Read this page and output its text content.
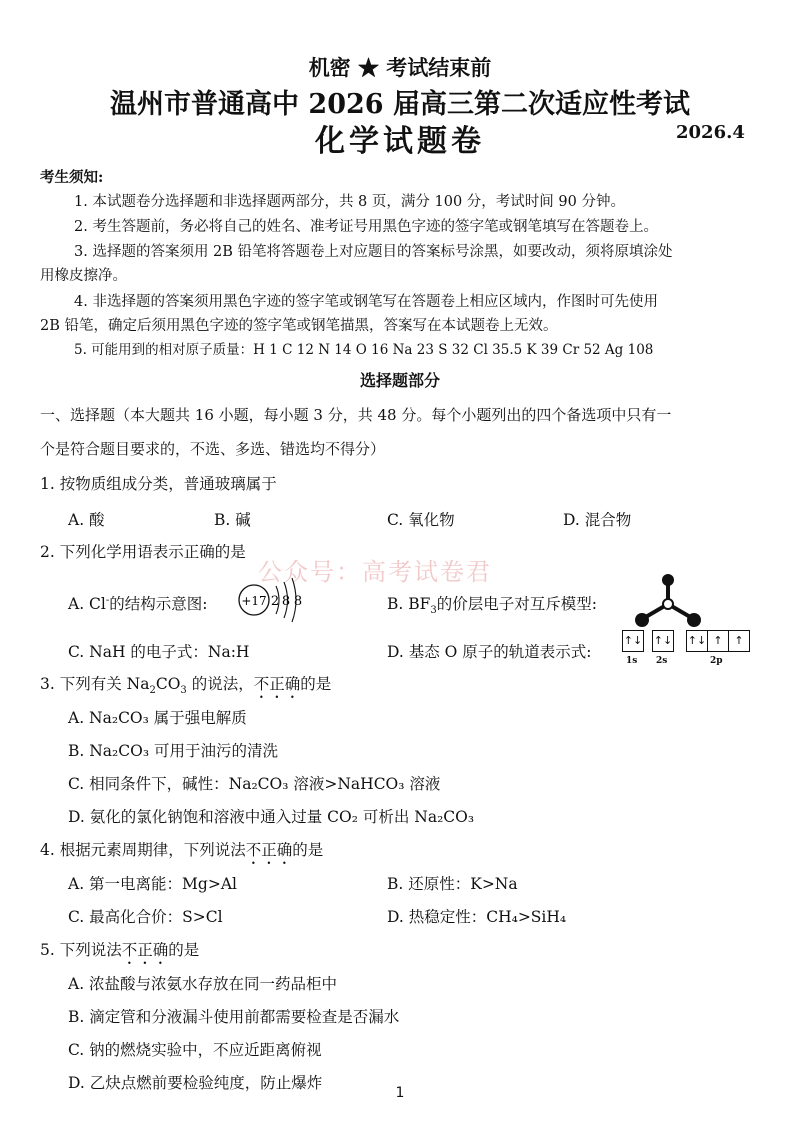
机密 ★ 考试结束前
温州市普通高中 2026 届高三第二次适应性考试
化学试题卷	2026.4
考生须知:
1. 本试题卷分选择题和非选择题两部分，共 8 页，满分 100 分，考试时间 90 分钟。
2. 考生答题前，务必将自己的姓名、准考证号用黑色字迹的签字笔或钢笔填写在答题卷上。
3. 选择题的答案须用 2B 铅笔将答题卷上对应题目的答案标号涂黑，如要改动，须将原填涂处
用橡皮擦净。
4. 非选择题的答案须用黑色字迹的签字笔或钢笔写在答题卷上相应区域内，作图时可先使用
2B 铅笔，确定后须用黑色字迹的签字笔或钢笔描黑，答案写在本试题卷上无效。
5. 可能用到的相对原子质量：H 1 C 12 N 14 O 16 Na 23 S 32 Cl 35.5 K 39 Cr 52 Ag 108
选择题部分
一、选择题（本大题共 16 小题，每小题 3 分，共 48 分。每个小题列出的四个备选项中只有一
个是符合题目要求的，不选、多选、错选均不得分）
1. 按物质组成分类，普通玻璃属于
A. 酸	B. 碱	C. 氧化物	D. 混合物
2. 下列化学用语表示正确的是
公众号：高考试卷君
A. Cl-的结构示意图:	+17 2 8 8	B. $BF_3$的价层电子对互斥模型:
C. NaH 的电子式：Na:H	D. 基态 O 原子的轨道表示式:
↑↓ ↑↓ ↑↓ ↑	↑
1s 2s	2p
3. 下列有关 $Na_2CO_3$ 的说法，不正确的是
A. Na₂CO₃ 属于强电解质
B. Na₂CO₃ 可用于油污的清洗
C. 相同条件下，碱性：Na₂CO₃ 溶液>NaHCO₃ 溶液
D. 氨化的氯化钠饱和溶液中通入过量 CO₂ 可析出 Na₂CO₃
4. 根据元素周期律，下列说法不正确的是
A. 第一电离能：Mg>Al	B. 还原性：K>Na
C. 最高化合价：S>Cl	D. 热稳定性：CH₄>SiH₄
5. 下列说法不正确的是
A. 浓盐酸与浓氨水存放在同一药品柜中
B. 滴定管和分液漏斗使用前都需要检查是否漏水
C. 钠的燃烧实验中，不应近距离俯视
D. 乙炔点燃前要检验纯度，防止爆炸
1
